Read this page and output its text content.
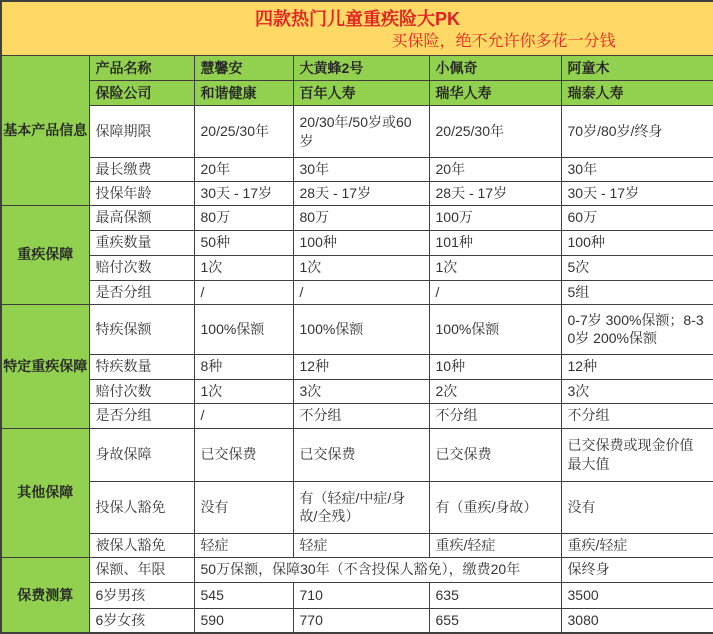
四款热门儿童重疾险大PK
买保险，绝不允许你多花一分钱					

基本产品信息	产品名称	慧馨安	大黄蜂2号	小佩奇	阿童木
	保险公司	和谐健康	百年人寿	瑞华人寿	瑞泰人寿
	保障期限	20/25/30年	20/30年/50岁或60岁	20/25/30年	70岁/80岁/终身
	最长缴费	20年	30年	20年	30年
	投保年龄	30天 - 17岁	28天 - 17岁	28天 - 17岁	30天 - 17岁
重疾保障	最高保额	80万	80万	100万	60万
	重疾数量	50种	100种	101种	100种
	赔付次数	1次	1次	1次	5次
	是否分组	/	/	/	5组
特定重疾保障	特疾保额	100%保额	100%保额	100%保额	0-7岁 300%保额；8-30岁 200%保额
	特疾数量	8种	12种	10种	12种
	赔付次数	1次	3次	2次	3次
	是否分组	/	不分组	不分组	不分组
其他保障	身故保障	已交保费	已交保费	已交保费	已交保费或现金价值最大值
	投保人豁免	没有	有（轻症/中症/身故/全残）	有（重疾/身故）	没有
	被保人豁免	轻症	轻症	重疾/轻症	重疾/轻症
保费测算	保额、年限	50万保额，保障30年（不含投保人豁免），缴费20年			保终身
	6岁男孩	545	710	635	3500
	6岁女孩	590	770	655	3080
